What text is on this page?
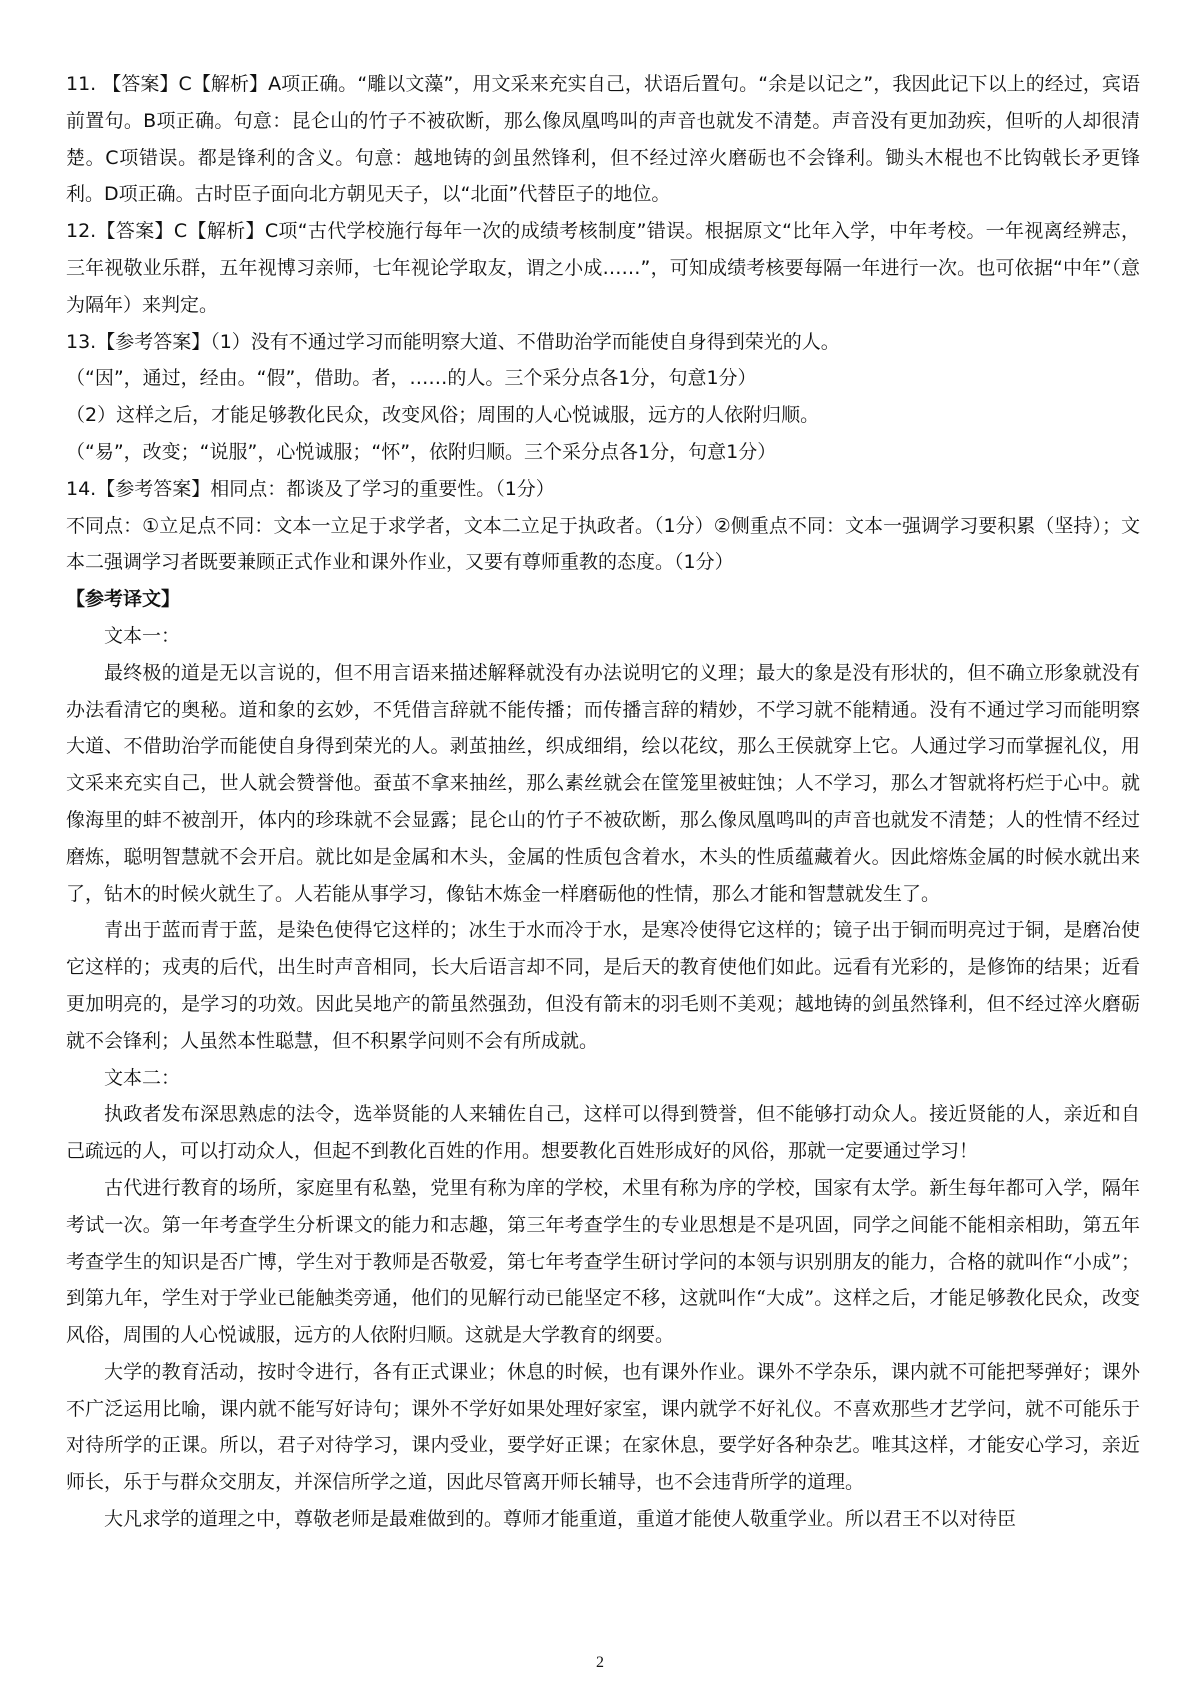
11. 【答案】C【解析】A项正确。“雕以文藻”，用文采来充实自己，状语后置句。“余是以记之”，我因此记下以上的经过，宾语前置句。B项正确。句意：昆仑山的竹子不被砍断，那么像凤凰鸣叫的声音也就发不清楚。声音没有更加劲疾，但听的人却很清楚。C项错误。都是锋利的含义。句意：越地铸的剑虽然锋利，但不经过淬火磨砺也不会锋利。锄头木棍也不比钩戟长矛更锋利。D项正确。古时臣子面向北方朝见天子，以“北面”代替臣子的地位。

12.【答案】C【解析】C项“古代学校施行每年一次的成绩考核制度”错误。根据原文“比年入学，中年考校。一年视离经辨志，三年视敬业乐群，五年视博习亲师，七年视论学取友，谓之小成……”，可知成绩考核要每隔一年进行一次。也可依据“中年”（意为隔年）来判定。

13.【参考答案】（1）没有不通过学习而能明察大道、不借助治学而能使自身得到荣光的人。

（“因”，通过，经由。“假”，借助。者，……的人。三个采分点各1分，句意1分）

（2）这样之后，才能足够教化民众，改变风俗；周围的人心悦诚服，远方的人依附归顺。

（“易”，改变；“说服”，心悦诚服；“怀”，依附归顺。三个采分点各1分，句意1分）

14.【参考答案】相同点：都谈及了学习的重要性。（1分）

不同点：①立足点不同：文本一立足于求学者，文本二立足于执政者。（1分）②侧重点不同：文本一强调学习要积累（坚持）；文本二强调学习者既要兼顾正式作业和课外作业，又要有尊师重教的态度。（1分）

【参考译文】

文本一：

最终极的道是无以言说的，但不用言语来描述解释就没有办法说明它的义理；最大的象是没有形状的，但不确立形象就没有办法看清它的奥秘。道和象的玄妙，不凭借言辞就不能传播；而传播言辞的精妙，不学习就不能精通。没有不通过学习而能明察大道、不借助治学而能使自身得到荣光的人。剥茧抽丝，织成细绢，绘以花纹，那么王侯就穿上它。人通过学习而掌握礼仪，用文采来充实自己，世人就会赞誉他。蚕茧不拿来抽丝，那么素丝就会在筐笼里被蛀蚀；人不学习，那么才智就将朽烂于心中。就像海里的蚌不被剖开，体内的珍珠就不会显露；昆仑山的竹子不被砍断，那么像凤凰鸣叫的声音也就发不清楚；人的性情不经过磨炼，聪明智慧就不会开启。就比如是金属和木头，金属的性质包含着水，木头的性质蕴藏着火。因此熔炼金属的时候水就出来了，钻木的时候火就生了。人若能从事学习，像钻木炼金一样磨砺他的性情，那么才能和智慧就发生了。

青出于蓝而青于蓝，是染色使得它这样的；冰生于水而冷于水，是寒冷使得它这样的；镜子出于铜而明亮过于铜，是磨冶使它这样的；戎夷的后代，出生时声音相同，长大后语言却不同，是后天的教育使他们如此。远看有光彩的，是修饰的结果；近看更加明亮的，是学习的功效。因此吴地产的箭虽然强劲，但没有箭末的羽毛则不美观；越地铸的剑虽然锋利，但不经过淬火磨砺就不会锋利；人虽然本性聪慧，但不积累学问则不会有所成就。

文本二：

执政者发布深思熟虑的法令，选举贤能的人来辅佐自己，这样可以得到赞誉，但不能够打动众人。接近贤能的人，亲近和自己疏远的人，可以打动众人，但起不到教化百姓的作用。想要教化百姓形成好的风俗，那就一定要通过学习！

古代进行教育的场所，家庭里有私塾，党里有称为庠的学校，术里有称为序的学校，国家有太学。新生每年都可入学，隔年考试一次。第一年考查学生分析课文的能力和志趣，第三年考查学生的专业思想是不是巩固，同学之间能不能相亲相助，第五年考查学生的知识是否广博，学生对于教师是否敬爱，第七年考查学生研讨学问的本领与识别朋友的能力，合格的就叫作“小成”；到第九年，学生对于学业已能触类旁通，他们的见解行动已能坚定不移，这就叫作“大成”。这样之后，才能足够教化民众，改变风俗，周围的人心悦诚服，远方的人依附归顺。这就是大学教育的纲要。

大学的教育活动，按时令进行，各有正式课业；休息的时候，也有课外作业。课外不学杂乐，课内就不可能把琴弹好；课外不广泛运用比喻，课内就不能写好诗句；课外不学好如果处理好家室，课内就学不好礼仪。不喜欢那些才艺学问，就不可能乐于对待所学的正课。所以，君子对待学习，课内受业，要学好正课；在家休息，要学好各种杂艺。唯其这样，才能安心学习，亲近师长，乐于与群众交朋友，并深信所学之道，因此尽管离开师长辅导，也不会违背所学的道理。

大凡求学的道理之中，尊敬老师是最难做到的。尊师才能重道，重道才能使人敬重学业。所以君王不以对待臣

2
